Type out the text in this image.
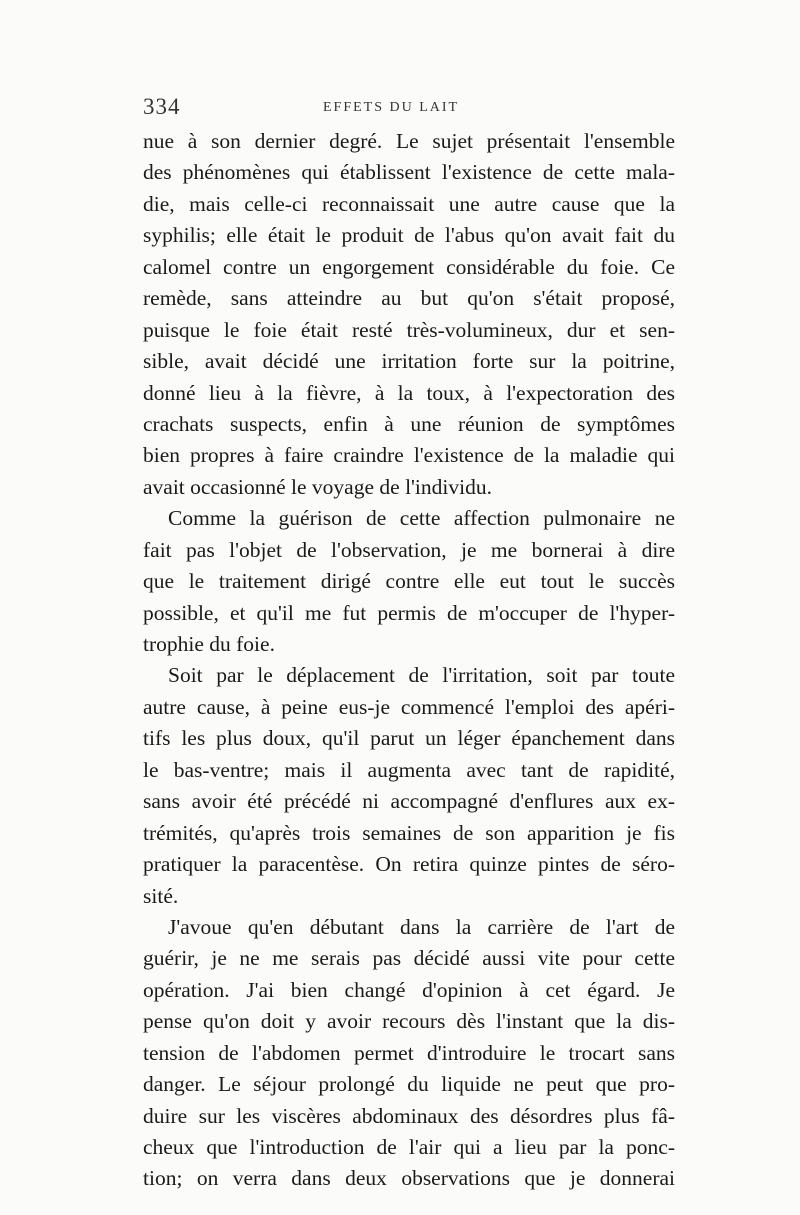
334	EFFETS DU LAIT
nue à son dernier degré. Le sujet présentait l'ensemble
des phénomènes qui établissent l'existence de cette mala-
die, mais celle-ci reconnaissait une autre cause que la
syphilis; elle était le produit de l'abus qu'on avait fait du
calomel contre un engorgement considérable du foie. Ce
remède, sans atteindre au but qu'on s'était proposé,
puisque le foie était resté très-volumineux, dur et sen-
sible, avait décidé une irritation forte sur la poitrine,
donné lieu à la fièvre, à la toux, à l'expectoration des
crachats suspects, enfin à une réunion de symptômes
bien propres à faire craindre l'existence de la maladie qui
avait occasionné le voyage de l'individu.
Comme la guérison de cette affection pulmonaire ne
fait pas l'objet de l'observation, je me bornerai à dire
que le traitement dirigé contre elle eut tout le succès
possible, et qu'il me fut permis de m'occuper de l'hyper-
trophie du foie.
Soit par le déplacement de l'irritation, soit par toute
autre cause, à peine eus-je commencé l'emploi des apéri-
tifs les plus doux, qu'il parut un léger épanchement dans
le bas-ventre; mais il augmenta avec tant de rapidité,
sans avoir été précédé ni accompagné d'enflures aux ex-
trémités, qu'après trois semaines de son apparition je fis
pratiquer la paracentèse. On retira quinze pintes de séro-
sité.
J'avoue qu'en débutant dans la carrière de l'art de
guérir, je ne me serais pas décidé aussi vite pour cette
opération. J'ai bien changé d'opinion à cet égard. Je
pense qu'on doit y avoir recours dès l'instant que la dis-
tension de l'abdomen permet d'introduire le trocart sans
danger. Le séjour prolongé du liquide ne peut que pro-
duire sur les viscères abdominaux des désordres plus fâ-
cheux que l'introduction de l'air qui a lieu par la ponc-
tion; on verra dans deux observations que je donnerai
